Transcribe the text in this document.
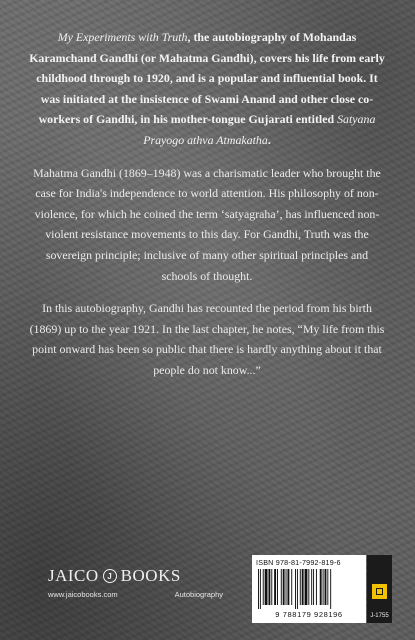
My Experiments with Truth, the autobiography of Mohandas Karamchand Gandhi (or Mahatma Gandhi), covers his life from early childhood through to 1920, and is a popular and influential book. It was initiated at the insistence of Swami Anand and other close co-workers of Gandhi, in his mother-tongue Gujarati entitled Satyana Prayogo athva Atmakatha.

Mahatma Gandhi (1869–1948) was a charismatic leader who brought the case for India's independence to world attention. His philosophy of non-violence, for which he coined the term ‘satyagraha’, has influenced non-violent resistance movements to this day. For Gandhi, Truth was the sovereign principle; inclusive of many other spiritual principles and schools of thought.

In this autobiography, Gandhi has recounted the period from his birth (1869) up to the year 1921. In the last chapter, he notes, “My life from this point onward has been so public that there is hardly anything about it that people do not know...”

JAICO J BOOKS
www.jaicobooks.com	Autobiography
ISBN 978-81-7992-819-6
9 788179 928196	J-1755
